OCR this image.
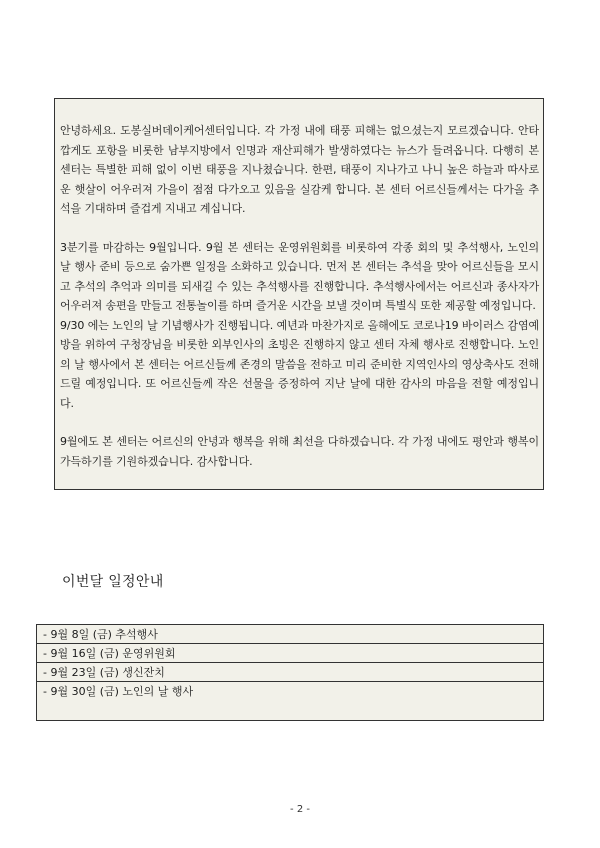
안녕하세요. 도봉실버데이케어센터입니다. 각 가정 내에 태풍 피해는 없으셨는지 모르겠습니다. 안타깝게도 포항을 비롯한 남부지방에서 인명과 재산피해가 발생하였다는 뉴스가 들려옵니다. 다행히 본 센터는 특별한 피해 없이 이번 태풍을 지나쳤습니다. 한편, 태풍이 지나가고 나니 높은 하늘과 따사로운 햇살이 어우러져 가을이 점점 다가오고 있음을 실감케 합니다. 본 센터 어르신들께서는 다가올 추석을 기대하며 즐겁게 지내고 계십니다.

3분기를 마감하는 9월입니다. 9월 본 센터는 운영위원회를 비롯하여 각종 회의 및 추석행사, 노인의 날 행사 준비 등으로 숨가쁜 일정을 소화하고 있습니다. 먼저 본 센터는 추석을 맞아 어르신들을 모시고 추석의 추억과 의미를 되새길 수 있는 추석행사를 진행합니다. 추석행사에서는 어르신과 종사자가 어우러져 송편을 만들고 전통놀이를 하며 즐거운 시간을 보낼 것이며 특별식 또한 제공할 예정입니다.

9/30 에는 노인의 날 기념행사가 진행됩니다. 예년과 마찬가지로 올해에도 코로나19 바이러스 감염예방을 위하여 구청장님을 비롯한 외부인사의 초빙은 진행하지 않고 센터 자체 행사로 진행합니다. 노인의 날 행사에서 본 센터는 어르신들께 존경의 말씀을 전하고 미리 준비한 지역인사의 영상축사도 전해드릴 예정입니다. 또 어르신들께 작은 선물을 증정하여 지난 날에 대한 감사의 마음을 전할 예정입니다.

9월에도 본 센터는 어르신의 안녕과 행복을 위해 최선을 다하겠습니다. 각 가정 내에도 평안과 행복이 가득하기를 기원하겠습니다. 감사합니다.

이번달 일정안내
- 9월 8일 (금) 추석행사
- 9월 16일 (금) 운영위원회
- 9월 23일 (금) 생신잔치
- 9월 30일 (금) 노인의 날 행사
- 2 -
